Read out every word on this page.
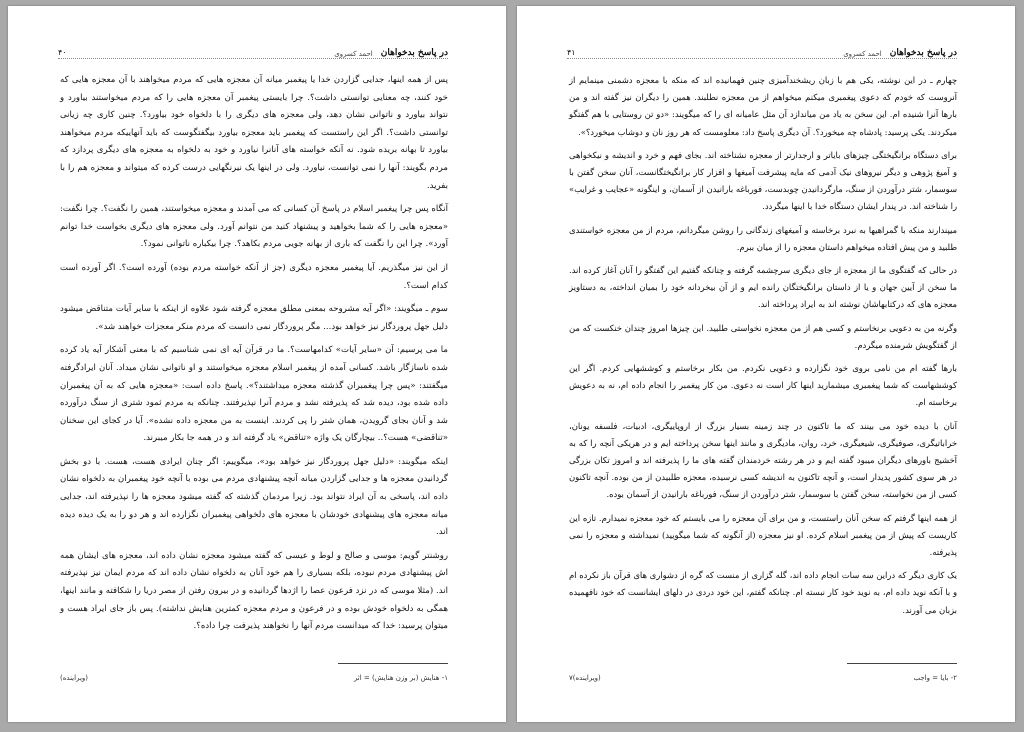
در پاسخ بدخواهان
احمد کسروی
۴۰

پس از همه اینها، جدایی گزاردن خدا یا پیغمبر میانه آن معجزه هایی که مردم میخواهند با آن معجزه هایی که خود کنند، چه معنایی توانستی داشت؟. چرا بایستی پیغمبر آن معجزه هایی را که مردم میخواستند بیاورد و نتواند بیاورد و ناتوانی نشان دهد، ولی معجزه های دیگری را با دلخواه خود بیاورد؟. چنین کاری چه زیانی توانستی داشت؟. اگر این راستست که پیغمبر باید معجزه بیاورد بیگفتگوست که باید آنهاییکه مردم میخواهند بیاورد تا بهانه بریده شود. نه آنکه خواسته های آنانرا نیاورد و خود به دلخواه به معجزه های دیگری پردازد که مردم بگویند: آنها را نمی توانست، نیاورد. ولی در اینها یک نیرنگهایی درست کرده که میتواند و معجزه هم را با بفرید.

آنگاه پس چرا پیغمبر اسلام در پاسخ آن کسانی که می آمدند و معجزه میخواستند، همین را نگفت؟. چرا نگفت: «معجزه هایی را که شما بخواهید و پیشنهاد کنید من نتوانم آورد. ولی معجزه های دیگری بخواست خدا توانم آورد». چرا این را نگفت که باری از بهانه جویی مردم بکاهد؟. چرا بیکباره ناتوانی نمود؟.

از این نیز میگذریم. آیا پیغمبر معجزه دیگری (جز از آنکه خواسته مردم بوده) آورده است؟. اگر آورده است کدام است؟.

سوم ـ میگویند: «اگر آیه مشروحه بمعنی مطلق معجزه گرفته شود علاوه از اینکه با سایر آیات متناقض میشود دلیل جهل پروردگار نیز خواهد بود... مگر پروردگار نمی دانست که مردم منکر معجزات خواهند شد».

ما می پرسیم: آن «سایر آیات» کدامهاست؟. ما در قرآن آیه ای نمی شناسیم که با معنی آشکار آیه یاد کرده شده ناسازگار باشد. کسانی آمده از پیغمبر اسلام معجزه میخواستند و او ناتوانی نشان میداد. آنان ایرادگرفته میگفتند: «پس چرا پیغمبران گذشته معجزه میداشتند؟». پاسخ داده است: «معجزه هایی که به آن پیغمبران داده شده بود، دیده شد که پذیرفته نشد و مردم آنرا نپذیرفتند. چنانکه به مردم ثمود شتری از سنگ درآورده شد و آنان بجای گرویدن، همان شتر را پی کردند. اینست به من معجزه داده نشده». آیا در کجای این سخنان «تناقضی» هست؟.. بیچارگان یک واژه «تناقض» یاد گرفته اند و در همه جا بکار میبرند.

اینکه میگویند: «دلیل جهل پروردگار نیز خواهد بود»، میگوییم: اگر چنان ایرادی هست، هست. با دو بخش گردانیدن معجزه ها و جدایی گزاردن میانه آنچه پیشنهادی مردم می بوده با آنچه خود پیغمبران به دلخواه نشان داده اند، پاسخی به آن ایراد نتواند بود. زیرا مردمان گذشته که گفته میشود معجزه ها را نپذیرفته اند، جدایی میانه معجزه های پیشنهادی خودشان با معجزه های دلخواهی پیغمبران نگزارده اند و هر دو را به یک دیده دیده اند.

روشنتر گویم: موسی و صالح و لوط و عیسی که گفته میشود معجزه نشان داده اند، معجزه های ایشان همه اش پیشنهادی مردم نبوده، بلکه بسیاری را هم خود آنان به دلخواه نشان داده اند که مردم ایمان نیز نپذیرفته اند. (مثلا موسی که در نزد فرعون عصا را اژدها گردانیده و در بیرون رفتن از مصر دریا را شکافته و مانند اینها، همگی به دلخواه خودش بوده و در فرعون و مردم معجزه کمترین هنایش نداشته). پس باز جای ایراد هست و میتوان پرسید: خدا که میدانست مردم آنها را نخواهند پذیرفت چرا داده؟.

۱- هنایش (بر وزن هنایش) = اثر
(ویراینده)
در پاسخ بدخواهان
احمد کسروی
۴۱

چهارم ـ در این نوشته، یکی هم با زبان ریشخندآمیزی چنین فهمانیده اند که منکه با معجزه دشمنی مینمایم از آنروست که خودم که دعوی پیغمبری میکنم میخواهم از من معجزه نطلبند. همین را دیگران نیز گفته اند و من بارها آنرا شنیده ام. این سخن به یاد من میاندازد آن مثل عامیانه ای را که میگویند: «دو تن روستایی با هم گفتگو میکردند. یکی پرسید: پادشاه چه میخورد؟. آن دیگری پاسخ داد: معلومست که هر روز نان و دوشاب میخورد؟».

برای دستگاه برانگیختگی چیزهای بایاتر و ارجدارتر از معجزه نشناخته اند. بجای فهم و خرد و اندیشه و نیکخواهی و آمیغ پژوهی و دیگر نیروهای نیک آدمی که مایه پیشرفت آمیغها و افزار کار برانگیختگانست، آنان سخن گفتن با سوسمار، شتر درآوردن از سنگ، مارگردانیدن چوبدست، فورباغه بارانیدن از آسمان، و اینگونه «عجایب و غرایب» را شناخته اند. در پندار ایشان دستگاه خدا با اینها میگردد.

میپندارند منکه با گمراهیها به نبرد برخاسته و آمیغهای زندگانی را روشن میگردانم، مردم از من معجزه خواستندی طلبید و من پیش افتاده میخواهم داستان معجزه را از میان ببرم.

در حالی که گفتگوی ما از معجزه از جای دیگری سرچشمه گرفته و چنانکه گفتیم این گفتگو را آنان آغاز کرده اند. ما سخن از آیین جهان و یا از داستان برانگیختگان رانده ایم و از آن بیخردانه خود را بمیان انداخته، به دستاویز معجزه های که درکتابهاشان نوشته اند به ایراد پرداخته اند.

وگرنه من به دعویی برنخاستم و کسی هم از من معجزه نخواستی طلبید. این چیزها امروز چندان خنکست که من از گفتگویش شرمنده میگردم.

بارها گفته ام من نامی بروی خود نگزارده و دعویی نکردم. من بکار برخاستم و کوششهایی کردم. اگر این کوششهاست که شما پیغمبری میشمارید اینها کار است نه دعوی. من کار پیغمبر را انجام داده ام، نه به دعویش برخاسته ام.

آنان با دیده خود می بینند که ما تاکنون در چند زمینه بسیار بزرگ از اروپاییگری، ادبیات، فلسفه یونان، خراباتیگری، صوفیگری، شیعیگری، خرد، روان، مادیگری و مانند اینها سخن پرداخته ایم و در هریکی آنچه را که به آخشیج باورهای دیگران میبود گفته ایم و در هر رشته خردمندان گفته های ما را پذیرفته اند و امروز تکان بزرگی در هر سوی کشور پدیدار است، و آنچه تاکنون به اندیشه کسی نرسیده، معجزه طلبیدن از من بوده. آنچه تاکنون کسی از من نخواسته، سخن گفتن با سوسمار، شتر درآوردن از سنگ، فورباغه بارانیدن از آسمان بوده.

از همه اینها گرفتم که سخن آنان راستست، و من برای آن معجزه را می بایستم که خود معجزه نمیدارم. تازه این کاریست که پیش از من پیغمبر اسلام کرده. او نیز معجزه (از آنگونه که شما میگویید) نمیداشته و معجزه را نمی پذیرفته.

یک کاری دیگر که دراین سه سات انجام داده اند، گله گزاری از منست که گره از دشواری های قرآن باز نکرده ام و با آنکه نوید داده ام، به نوید خود کار نبسته ام. چنانکه گفتم، این خود دردی در دلهای ایشانست که خود نافهمیده بزبان می آورند.

۲- بایا = واجب
(ویراینده)۷
